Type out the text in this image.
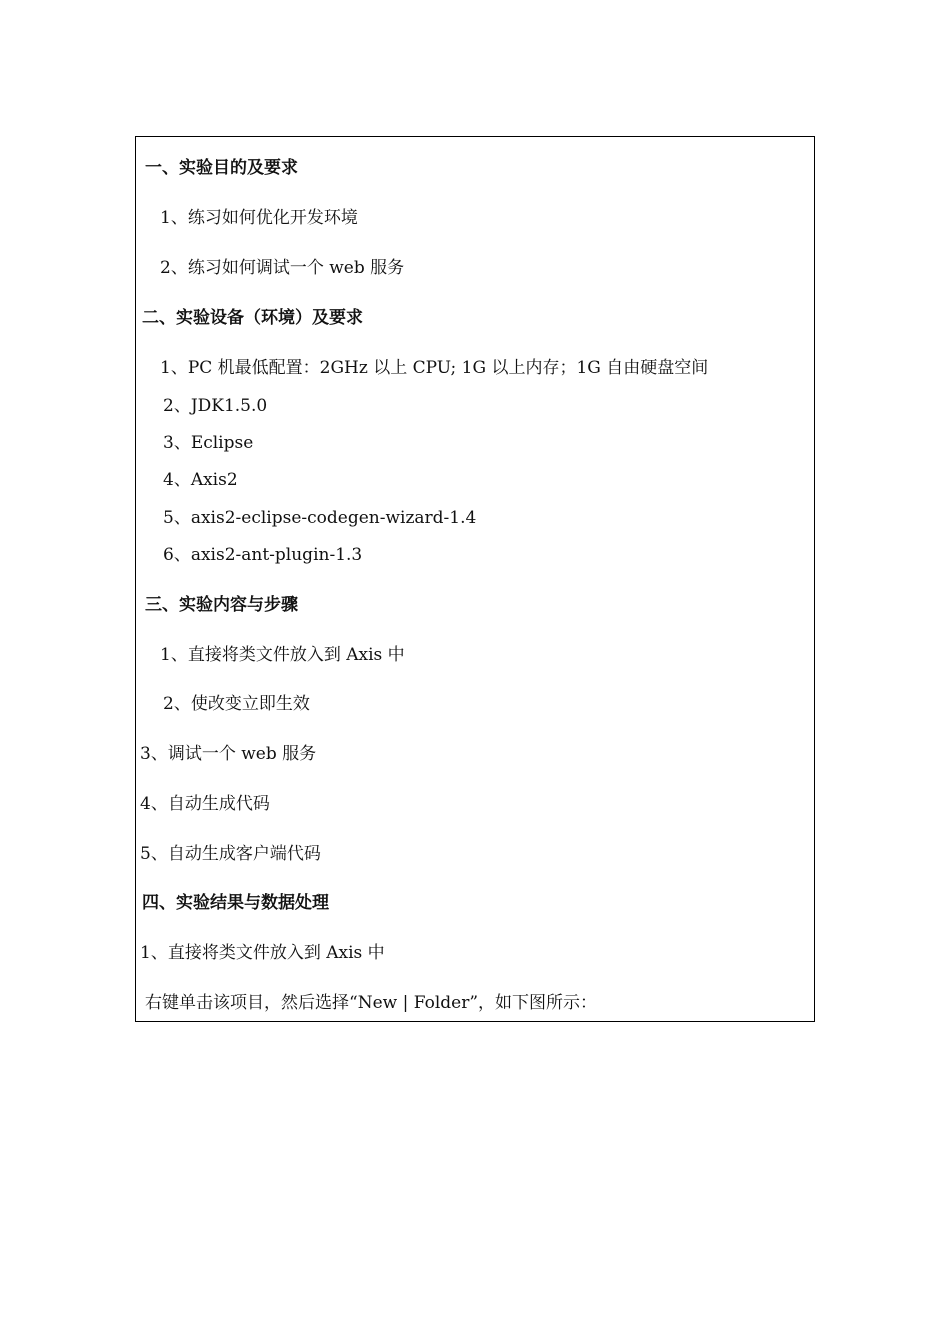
一、实验目的及要求
1、练习如何优化开发环境
2、练习如何调试一个 web 服务
二、实验设备（环境）及要求
1、PC 机最低配置：2GHz 以上 CPU; 1G 以上内存；1G 自由硬盘空间
2、JDK1.5.0
3、Eclipse
4、Axis2
5、axis2-eclipse-codegen-wizard-1.4
6、axis2-ant-plugin-1.3
三、实验内容与步骤
1、直接将类文件放入到 Axis 中
2、使改变立即生效
3、调试一个 web 服务
4、自动生成代码
5、自动生成客户端代码
四、实验结果与数据处理
1、直接将类文件放入到 Axis 中
右键单击该项目，然后选择“New | Folder”，如下图所示：
